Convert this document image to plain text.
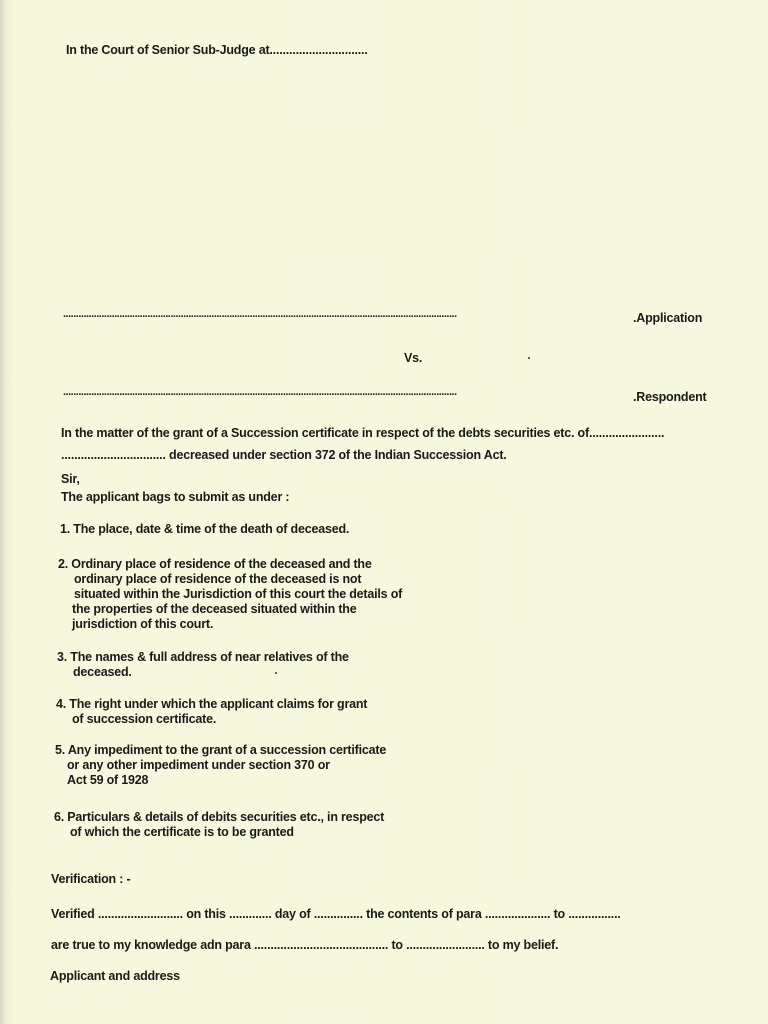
In the Court of Senior Sub-Judge at..............................
..........................................................................................................................................................	.Application
Vs.
..........................................................................................................................................................	.Respondent
In the matter of the grant of a Succession certificate in respect of the debts securities etc. of.......................
................................ decreased under section 372 of the Indian Succession Act.
Sir,
The applicant bags to submit as under :
1. The place, date & time of the death of deceased.
2. Ordinary place of residence of the deceased and the
ordinary place of residence of the deceased is not
situated within the Jurisdiction of this court the details of
the properties of the deceased situated within the
jurisdiction of this court.
3. The names & full address of near relatives of the
deceased.
4. The right under which the applicant claims for grant
of succession certificate.
5. Any impediment to the grant of a succession certificate
or any other impediment under section 370 or
Act 59 of 1928
6. Particulars & details of debits securities etc., in respect
of which the certificate is to be granted
Verification : -
Verified .......................... on this ............. day of ............... the contents of para .................... to ................
are true to my knowledge adn para ......................................... to ........................ to my belief.
Applicant and address
